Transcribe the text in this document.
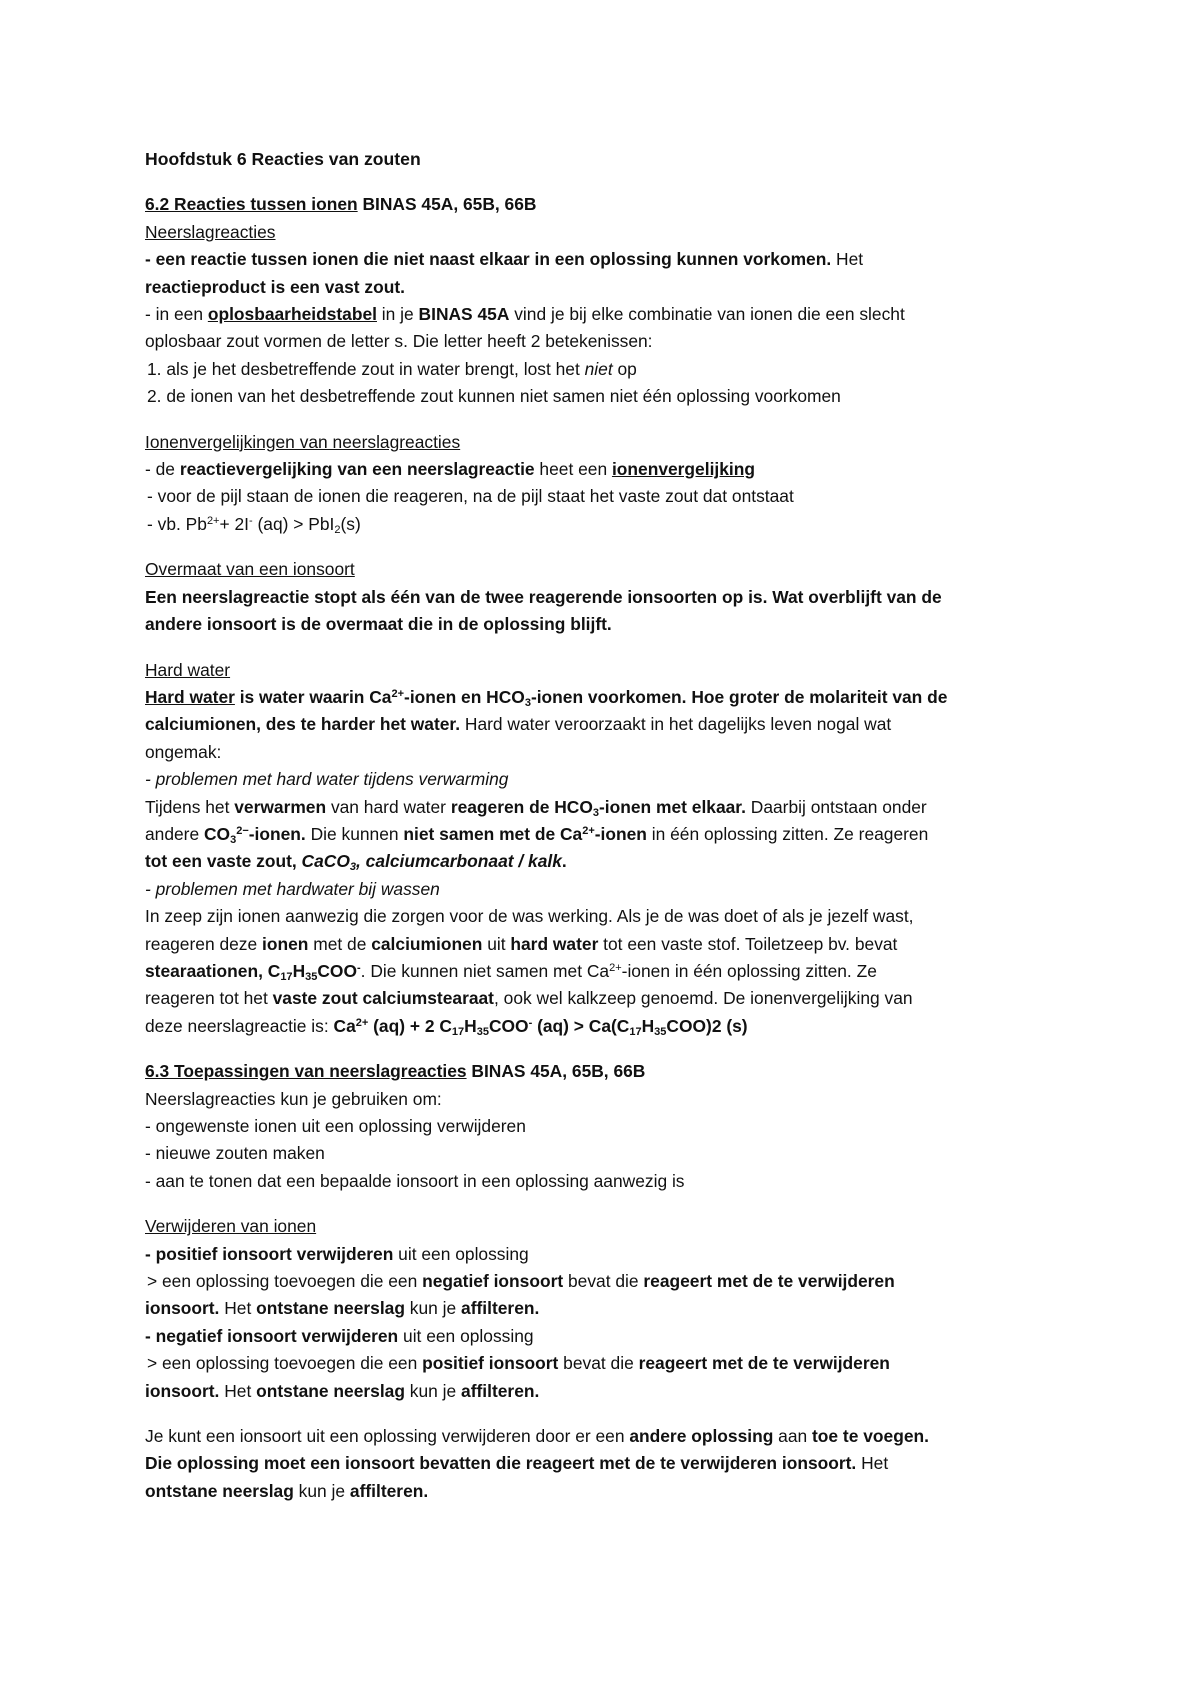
Hoofdstuk 6 Reacties van zouten

6.2 Reacties tussen ionen BINAS 45A, 65B, 66B

Neerslagreacties

- een reactie tussen ionen die niet naast elkaar in een oplossing kunnen vorkomen. Het

reactieproduct is een vast zout.

- in een oplosbaarheidstabel in je BINAS 45A vind je bij elke combinatie van ionen die een slecht

oplosbaar zout vormen de letter s. Die letter heeft 2 betekenissen:

1. als je het desbetreffende zout in water brengt, lost het niet op

2. de ionen van het desbetreffende zout kunnen niet samen niet één oplossing voorkomen

Ionenvergelijkingen van neerslagreacties

- de reactievergelijking van een neerslagreactie heet een ionenvergelijking

- voor de pijl staan de ionen die reageren, na de pijl staat het vaste zout dat ontstaat

- vb. $Pb^{2+}+ 2I^-$ (aq) > PbI$_2$(s)

Overmaat van een ionsoort

Een neerslagreactie stopt als één van de twee reagerende ionsoorten op is. Wat overblijft van de

andere ionsoort is de overmaat die in de oplossing blijft.

Hard water

Hard water is water waarin $Ca^{2+}$-ionen en $HCO_3$-ionen voorkomen. Hoe groter de molariteit van de

calciumionen, des te harder het water. Hard water veroorzaakt in het dagelijks leven nogal wat

ongemak:

- problemen met hard water tijdens verwarming

Tijdens het verwarmen van hard water reageren de $HCO_3$-ionen met elkaar. Daarbij ontstaan onder

andere $CO_3^{2-}$-ionen. Die kunnen niet samen met de $Ca^{2+}$-ionen in één oplossing zitten. Ze reageren

tot een vaste zout, CaCO$_3$, calciumcarbonaat / kalk.

- problemen met hardwater bij wassen

In zeep zijn ionen aanwezig die zorgen voor de was werking. Als je de was doet of als je jezelf wast,

reageren deze ionen met de calciumionen uit hard water tot een vaste stof. Toiletzeep bv. bevat

stearaationen, $C_{17}H_{35}COO^-$. Die kunnen niet samen met $Ca^{2+}$-ionen in één oplossing zitten. Ze

reageren tot het vaste zout calciumstearaat, ook wel kalkzeep genoemd. De ionenvergelijking van

deze neerslagreactie is: $Ca^{2+}$ (aq) + 2 $C_{17}H_{35}COO^-$ $(aq) > Ca(C_{17}H_{35}COO)2$ (s)

6.3 Toepassingen van neerslagreacties BINAS 45A, 65B, 66B

Neerslagreacties kun je gebruiken om:

- ongewenste ionen uit een oplossing verwijderen

- nieuwe zouten maken

- aan te tonen dat een bepaalde ionsoort in een oplossing aanwezig is

Verwijderen van ionen

- positief ionsoort verwijderen uit een oplossing

> een oplossing toevoegen die een negatief ionsoort bevat die reageert met de te verwijderen

ionsoort. Het ontstane neerslag kun je affilteren.

- negatief ionsoort verwijderen uit een oplossing

> een oplossing toevoegen die een positief ionsoort bevat die reageert met de te verwijderen

ionsoort. Het ontstane neerslag kun je affilteren.

Je kunt een ionsoort uit een oplossing verwijderen door er een andere oplossing aan toe te voegen.

Die oplossing moet een ionsoort bevatten die reageert met de te verwijderen ionsoort. Het

ontstane neerslag kun je affilteren.
